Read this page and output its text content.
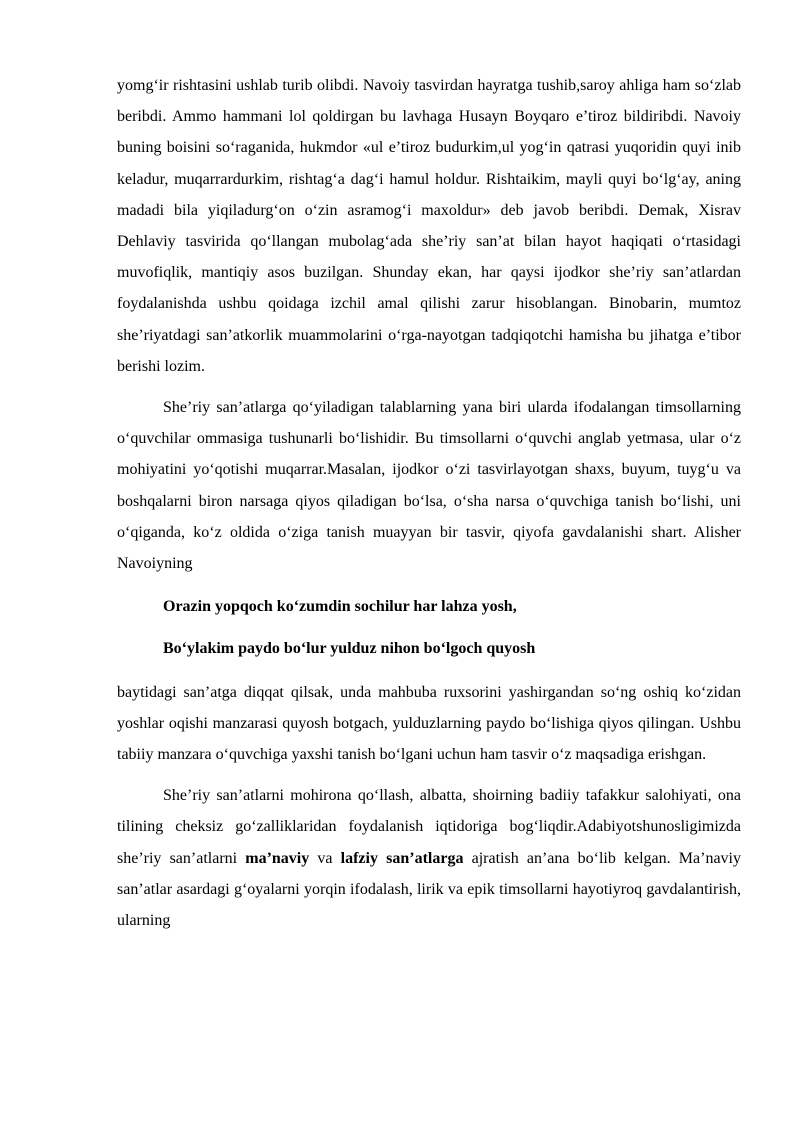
yomg‘ir rishtasini ushlab turib olibdi. Navoiy tasvirdan hayratga tushib,saroy ahliga ham so‘zlab beribdi. Ammo hammani lol qoldirgan bu lavhaga Husayn Boyqaro e’tiroz bildiribdi. Navoiy buning boisini so‘raganida, hukmdor «ul e’tiroz budurkim,ul yog‘in qatrasi yuqoridin quyi inib keladur, muqarrardurkim, rishtag‘a dag‘i hamul holdur. Rishtaikim, mayli quyi bo‘lg‘ay, aning madadi bila yiqiladurg‘on o‘zin asramog‘i maxoldur» deb javob beribdi. Demak, Xisrav Dehlaviy tasvirida qo‘llangan mubolag‘ada she’riy san’at bilan hayot haqiqati o‘rtasidagi muvofiqlik, mantiqiy asos buzilgan. Shunday ekan, har qaysi ijodkor she’riy san’atlardan foydalanishda ushbu qoidaga izchil amal qilishi zarur hisoblangan. Binobarin, mumtoz she’riyatdagi san’atkorlik muammolarini o‘rga-nayotgan tadqiqotchi hamisha bu jihatga e’tibor berishi lozim.

She’riy san’atlarga qo‘yiladigan talablarning yana biri ularda ifodalangan timsollarning o‘quvchilar ommasiga tushunarli bo‘lishidir. Bu timsollarni o‘quvchi anglab yetmasa, ular o‘z mohiyatini yo‘qotishi muqarrar.Masalan, ijodkor o‘zi tasvirlayotgan shaxs, buyum, tuyg‘u va boshqalarni biron narsaga qiyos qiladigan bo‘lsa, o‘sha narsa o‘quvchiga tanish bo‘lishi, uni o‘qiganda, ko‘z oldida o‘ziga tanish muayyan bir tasvir, qiyofa gavdalanishi shart. Alisher Navoiyning

Orazin yopqoch ko‘zumdin sochilur har lahza yosh,

Bo‘ylakim paydo bo‘lur yulduz nihon bo‘lgoch quyosh

baytidagi san’atga diqqat qilsak, unda mahbuba ruxsorini yashirgandan so‘ng oshiq ko‘zidan yoshlar oqishi manzarasi quyosh botgach, yulduzlarning paydo bo‘lishiga qiyos qilingan. Ushbu tabiiy manzara o‘quvchiga yaxshi tanish bo‘lgani uchun ham tasvir o‘z maqsadiga erishgan.

She’riy san’atlarni mohirona qo‘llash, albatta, shoirning badiiy tafakkur salohiyati, ona tilining cheksiz go‘zalliklaridan foydalanish iqtidoriga bog‘liqdir.Adabiyotshunosligimizda she’riy san’atlarni ma’naviy va lafziy san’atlarga ajratish an’ana bo‘lib kelgan. Ma’naviy san’atlar asardagi g‘oyalarni yorqin ifodalash, lirik va epik timsollarni hayotiyroq gavdalantirish, ularning
